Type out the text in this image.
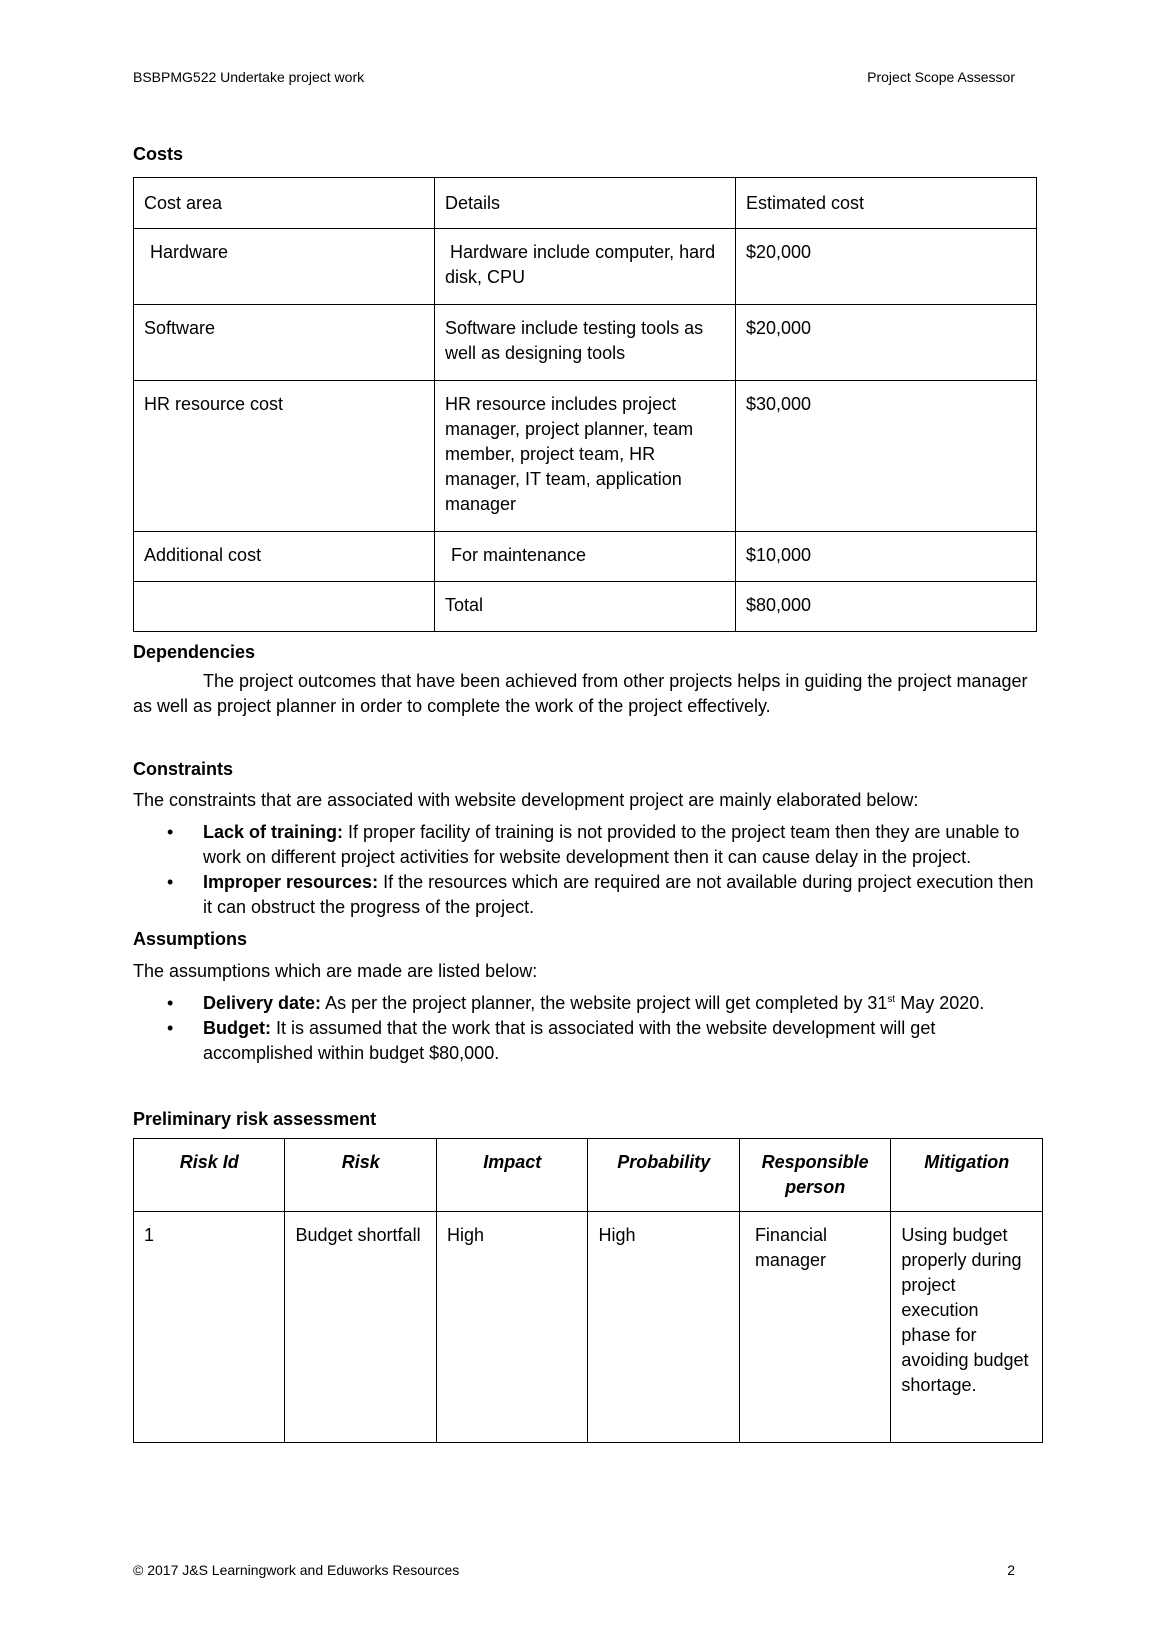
BSBPMG522 Undertake project work	Project Scope Assessor
Costs
Cost area	Details	Estimated cost
Hardware	Hardware include computer, hard disk, CPU	$20,000
Software	Software include testing tools as well as designing tools	$20,000
HR resource cost	HR resource includes project manager, project planner, team member, project team, HR manager, IT team, application manager	$30,000
Additional cost	For maintenance	$10,000
	Total	$80,000
Dependencies

The project outcomes that have been achieved from other projects helps in guiding the project manager as well as project planner in order to complete the work of the project effectively.

Constraints

The constraints that are associated with website development project are mainly elaborated below:

• Lack of training: If proper facility of training is not provided to the project team then they are unable to work on different project activities for website development then it can cause delay in the project.
• Improper resources: If the resources which are required are not available during project execution then it can obstruct the progress of the project.
Assumptions

The assumptions which are made are listed below:

• Delivery date: As per the project planner, the website project will get completed by 31st May 2020.
• Budget: It is assumed that the work that is associated with the website development will get accomplished within budget $80,000.
Preliminary risk assessment
Risk Id	Risk	Impact	Probability	Responsible person	Mitigation
1	Budget shortfall	High	High	Financial manager	Using budget properly during project execution phase for avoiding budget shortage.
© 2017 J&S Learningwork and Eduworks Resources	2
